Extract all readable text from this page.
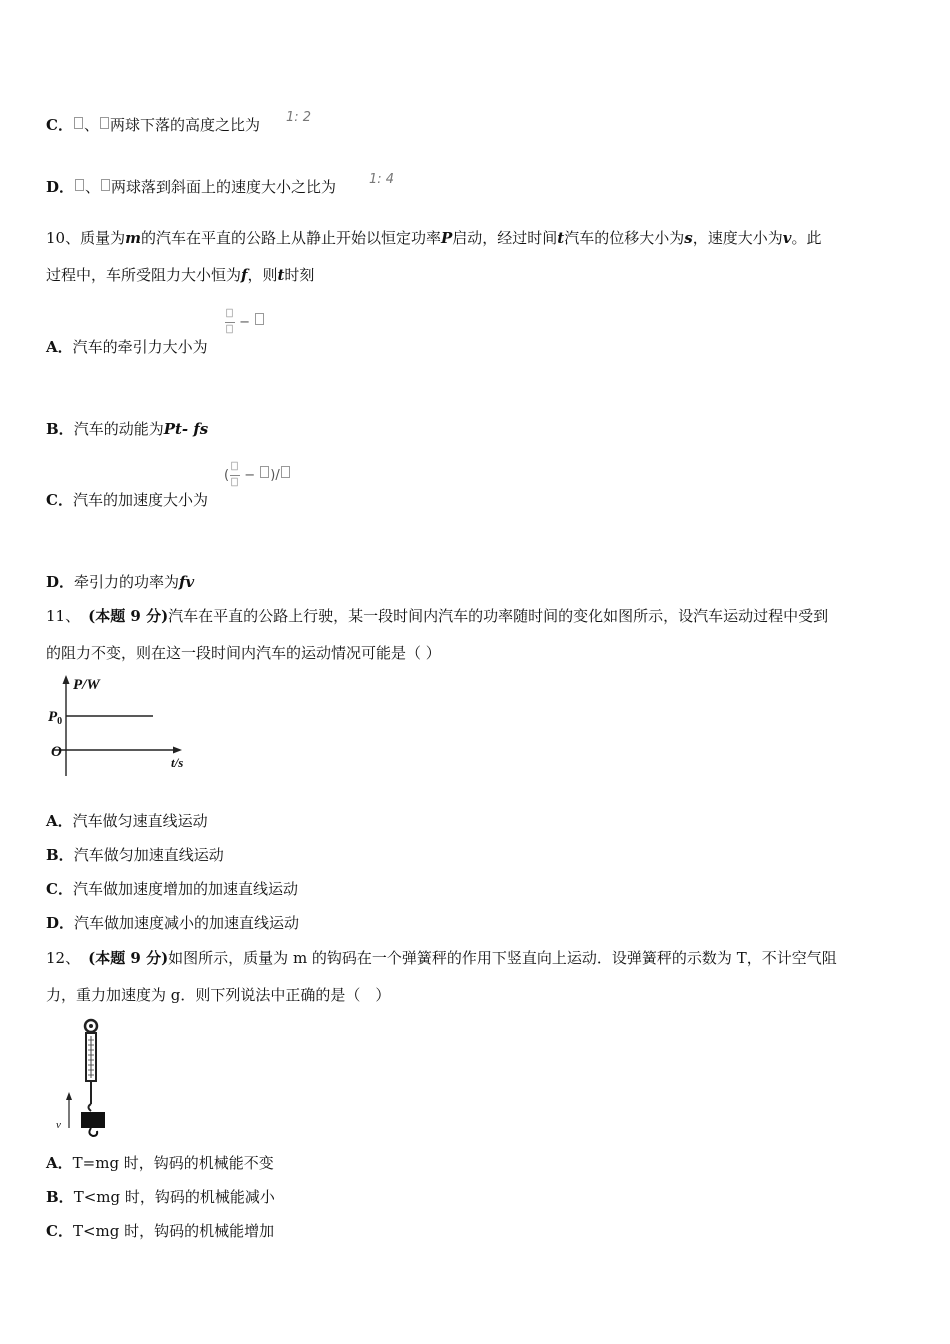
C． 、 两球下落的高度之比为 1: 2
D． 、 两球落到斜面上的速度大小之比为	1: 4
10、质量为m的汽车在平直的公路上从静止开始以恒定功率P启动，经过时间t汽车的位移大小为s，速度大小为v。此
过程中，车所受阻力大小恒为f，则t时刻

−
A．汽车的牵引力大小为
B．汽车的动能为Pt- fs
(

− )/
C．汽车的加速度大小为
D．牵引力的功率为fv
11、 (本题 9 分)汽车在平直的公路上行驶，某一段时间内汽车的功率随时间的变化如图所示，设汽车运动过程中受到
的阻力不变，则在这一段时间内汽车的运动情况可能是（ ）
P/W
$P_0$
O
t/s
A．汽车做匀速直线运动
B．汽车做匀加速直线运动
C．汽车做加速度增加的加速直线运动
D．汽车做加速度减小的加速直线运动
12、 (本题 9 分)如图所示，质量为 m 的钩码在一个弹簧秤的作用下竖直向上运动．设弹簧秤的示数为 T，不计空气阻
力，重力加速度为 g．则下列说法中正确的是（　）
v
A．T=mg 时，钩码的机械能不变
B．T<mg 时，钩码的机械能减小
C．T<mg 时，钩码的机械能增加
